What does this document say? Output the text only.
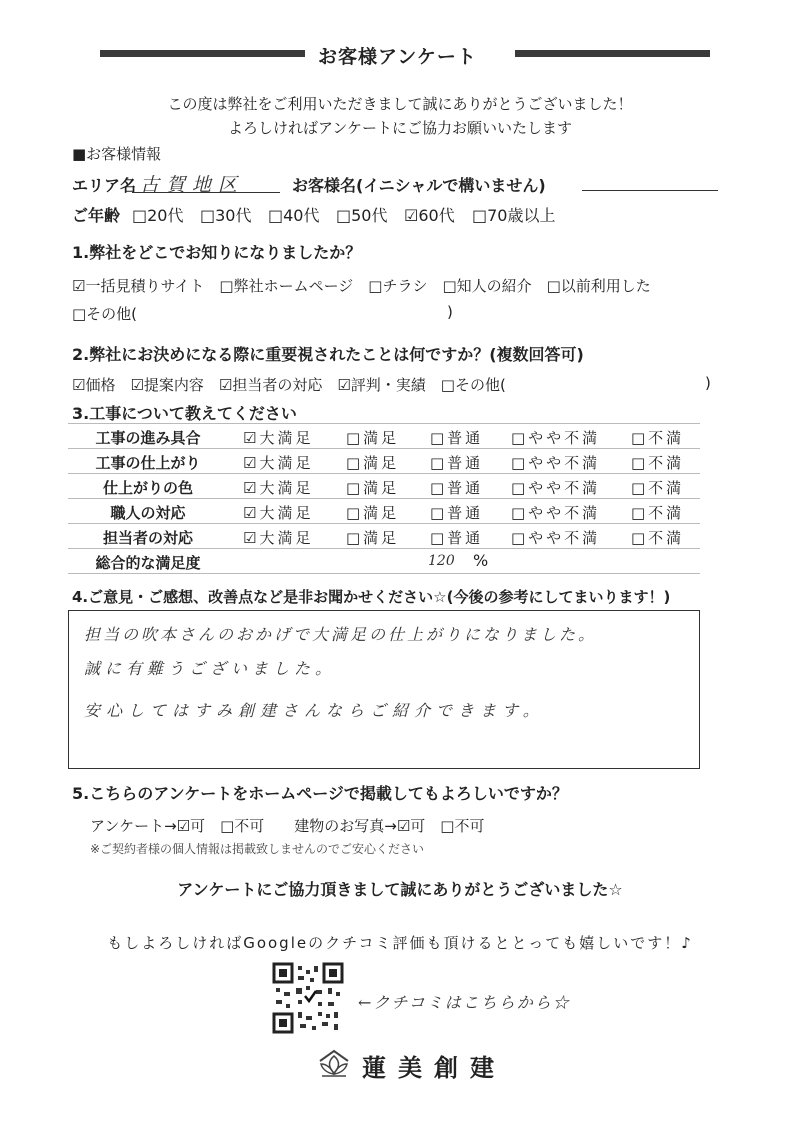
お客様アンケート
この度は弊社をご利用いただきまして誠にありがとうございました！
よろしければアンケートにご協力お願いいたします
■お客様情報
エリア名 古賀地区	お客様名(イニシャルで構いません)
ご年齢 □20代 □30代 □40代 □50代 ☑60代 □70歳以上
1.弊社をどこでお知りになりましたか？
☑一括見積りサイト　□弊社ホームページ　□チラシ　□知人の紹介　□以前利用した
□その他(	)
2.弊社にお決めになる際に重要視されたことは何ですか？(複数回答可)
☑価格　☑提案内容　☑担当者の対応　☑評判・実績　□その他(	)
3.工事について教えてください
工事の進み具合	☑大満足 □満足 □普通 □やや不満 □不満
工事の仕上がり	☑大満足 □満足 □普通 □やや不満 □不満
仕上がりの色	☑大満足 □満足 □普通 □やや不満 □不満
職人の対応	☑大満足 □満足 □普通 □やや不満 □不満
担当者の対応	☑大満足 □満足 □普通 □やや不満 □不満
総合的な満足度	120 %
4.ご意見・ご感想、改善点など是非お聞かせください☆(今後の参考にしてまいります！)
担当の吹本さんのおかげで大満足の仕上がりになりました。
誠に有難うございました。
安心してはすみ創建さんならご紹介できます。
5.こちらのアンケートをホームページで掲載してもよろしいですか？
アンケート→☑可　□不可　　建物のお写真→☑可　□不可
※ご契約者様の個人情報は掲載致しませんのでご安心ください
アンケートにご協力頂きまして誠にありがとうございました☆
もしよろしければGoogleのクチコミ評価も頂けるととっても嬉しいです！♪
←クチコミはこちらから☆
蓮美創建
